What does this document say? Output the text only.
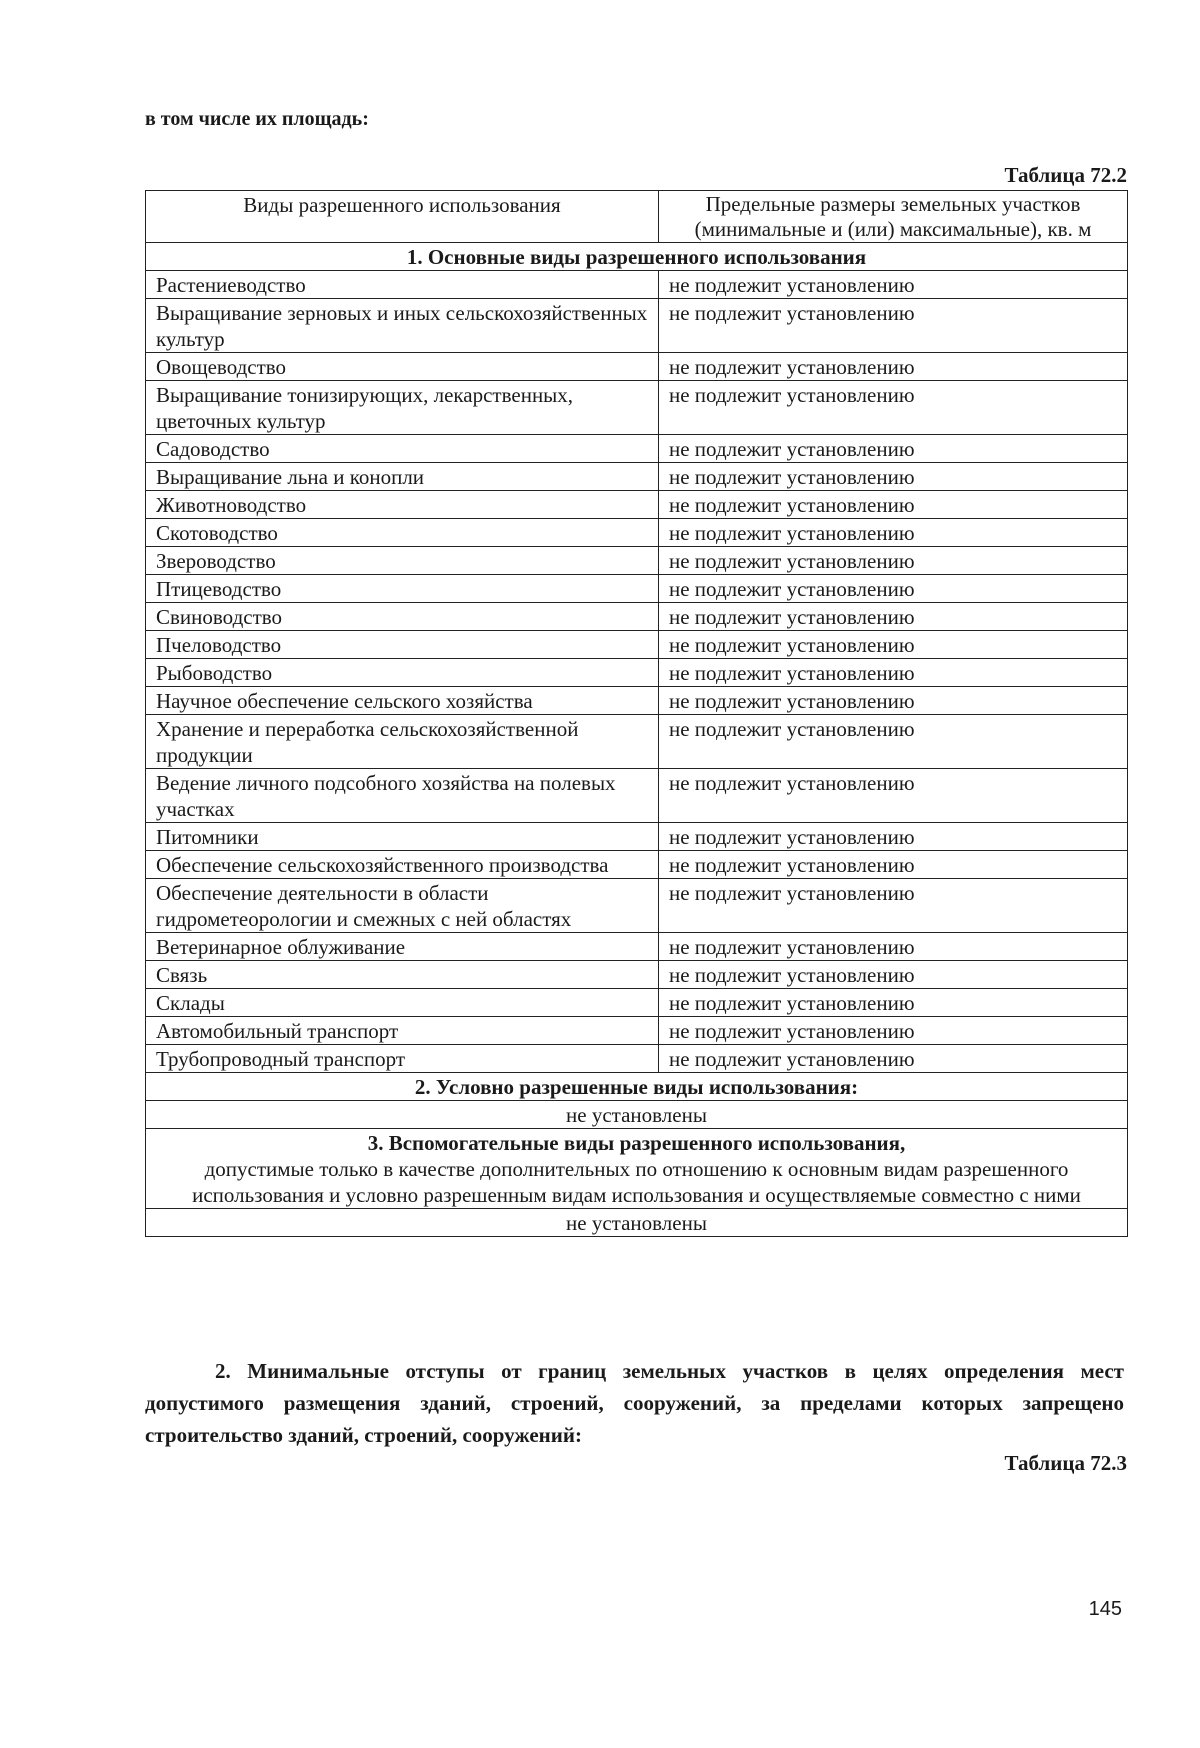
в том числе их площадь:
Таблица 72.2
Виды разрешенного использования	Предельные размеры земельных участков (минимальные и (или) максимальные), кв. м
1. Основные виды разрешенного использования	
Растениеводство	не подлежит установлению
Выращивание зерновых и иных сельскохозяйственных культур	не подлежит установлению
Овощеводство	не подлежит установлению
Выращивание тонизирующих, лекарственных, цветочных культур	не подлежит установлению
Садоводство	не подлежит установлению
Выращивание льна и конопли	не подлежит установлению
Животноводство	не подлежит установлению
Скотоводство	не подлежит установлению
Звероводство	не подлежит установлению
Птицеводство	не подлежит установлению
Свиноводство	не подлежит установлению
Пчеловодство	не подлежит установлению
Рыбоводство	не подлежит установлению
Научное обеспечение сельского хозяйства	не подлежит установлению
Хранение и переработка сельскохозяйственной продукции	не подлежит установлению
Ведение личного подсобного хозяйства на полевых участках	не подлежит установлению
Питомники	не подлежит установлению
Обеспечение сельскохозяйственного производства	не подлежит установлению
Обеспечение деятельности в области гидрометеорологии и смежных с ней областях	не подлежит установлению
Ветеринарное облуживание	не подлежит установлению
Связь	не подлежит установлению
Склады	не подлежит установлению
Автомобильный транспорт	не подлежит установлению
Трубопроводный транспорт	не подлежит установлению
2. Условно разрешенные виды использования:	
не установлены	

3. Вспомогательные виды разрешенного использования,
допустимые только в качестве дополнительных по отношению к основным видам разрешенного использования и условно разрешенным видам использования и осуществляемые совместно с ними	

не установлены	
2. Минимальные отступы от границ земельных участков в целях определения мест допустимого размещения зданий, строений, сооружений, за пределами которых запрещено строительство зданий, строений, сооружений:
Таблица 72.3
145
